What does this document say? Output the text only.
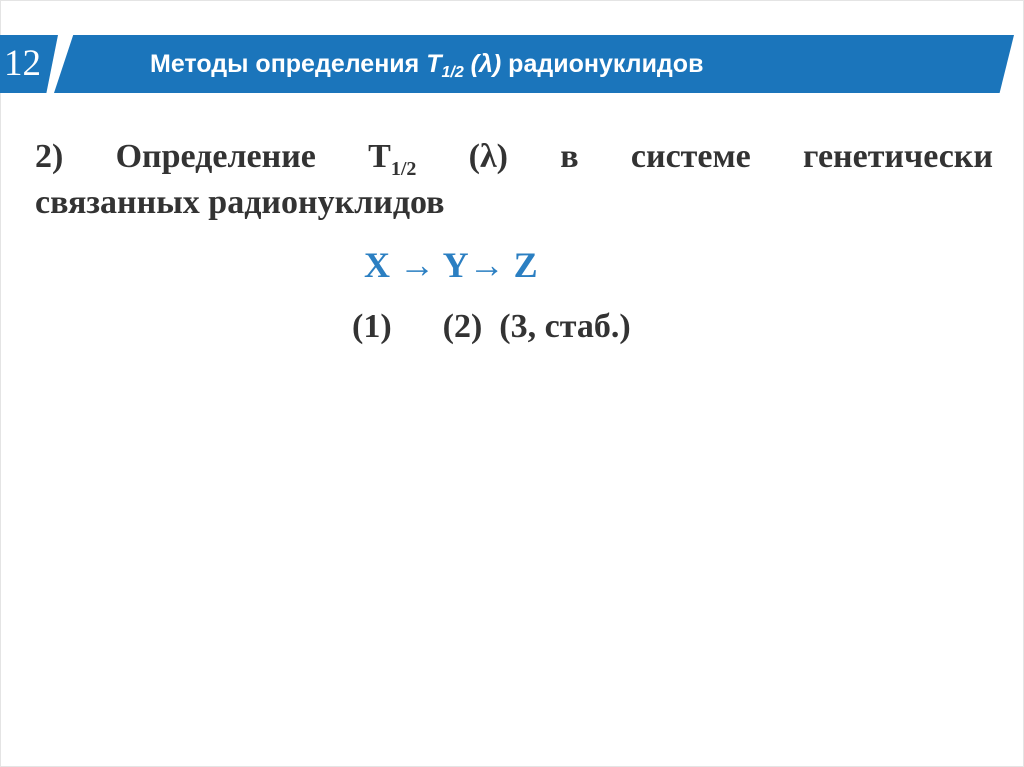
12	Методы определения $T_{1/2}$ (λ) радионуклидов
2) Определение $T_{1/2}$ (λ) в системе генетически
связанных радионуклидов
X → Y→ Z
(1)      (2)  (3, стаб.)
